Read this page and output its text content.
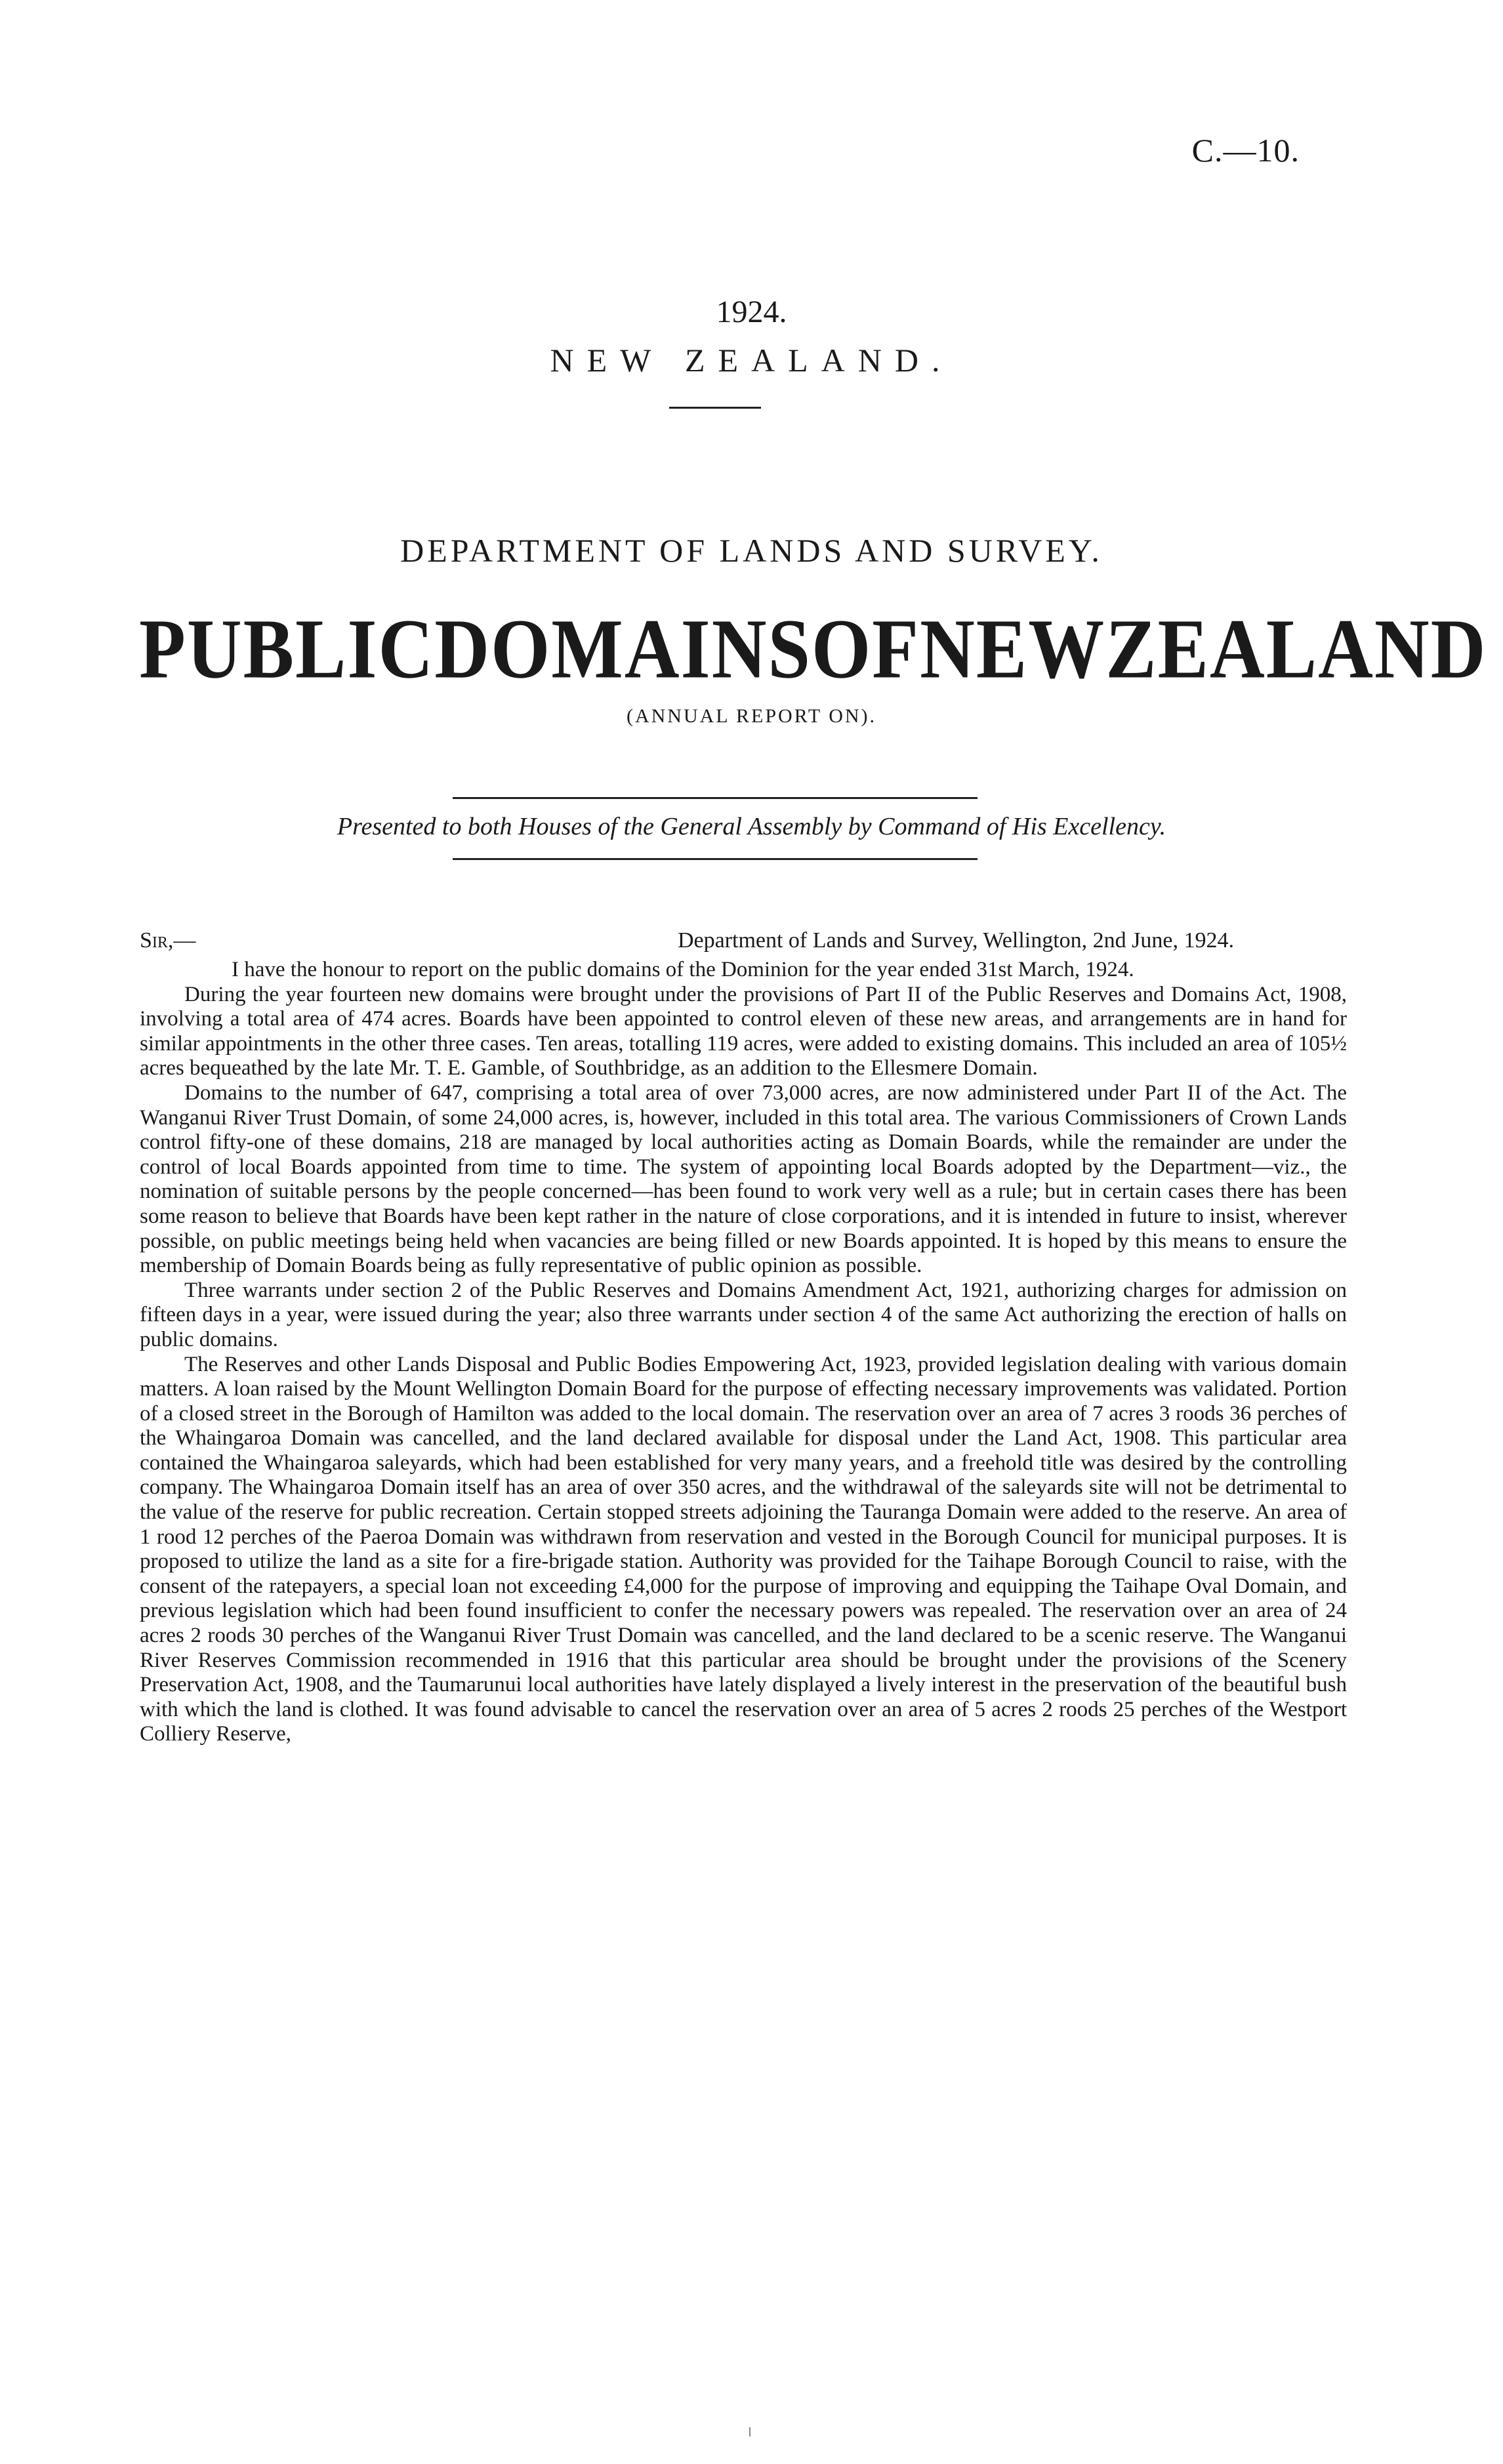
C.—10.
1924.
NEW ZEALAND.
DEPARTMENT OF LANDS AND SURVEY.
PUBLIC DOMAINS OF NEW ZEALAND
(ANNUAL REPORT ON).
Presented to both Houses of the General Assembly by Command of His Excellency.
Sir,—	Department of Lands and Survey, Wellington, 2nd June, 1924.

I have the honour to report on the public domains of the Dominion for the year ended 31st March, 1924.

During the year fourteen new domains were brought under the provisions of Part II of the Public Reserves and Domains Act, 1908, involving a total area of 474 acres. Boards have been appointed to control eleven of these new areas, and arrangements are in hand for similar appointments in the other three cases. Ten areas, totalling 119 acres, were added to existing domains. This included an area of 105½ acres bequeathed by the late Mr. T. E. Gamble, of Southbridge, as an addition to the Ellesmere Domain.

Domains to the number of 647, comprising a total area of over 73,000 acres, are now administered under Part II of the Act. The Wanganui River Trust Domain, of some 24,000 acres, is, however, included in this total area. The various Commissioners of Crown Lands control fifty-one of these domains, 218 are managed by local authorities acting as Domain Boards, while the remainder are under the control of local Boards appointed from time to time. The system of appointing local Boards adopted by the Department—viz., the nomination of suitable persons by the people concerned—has been found to work very well as a rule; but in certain cases there has been some reason to believe that Boards have been kept rather in the nature of close corporations, and it is intended in future to insist, wherever possible, on public meetings being held when vacancies are being filled or new Boards appointed. It is hoped by this means to ensure the membership of Domain Boards being as fully representative of public opinion as possible.

Three warrants under section 2 of the Public Reserves and Domains Amendment Act, 1921, authorizing charges for admission on fifteen days in a year, were issued during the year; also three warrants under section 4 of the same Act authorizing the erection of halls on public domains.

The Reserves and other Lands Disposal and Public Bodies Empowering Act, 1923, provided legislation dealing with various domain matters. A loan raised by the Mount Wellington Domain Board for the purpose of effecting necessary improvements was validated. Portion of a closed street in the Borough of Hamilton was added to the local domain. The reservation over an area of 7 acres 3 roods 36 perches of the Whaingaroa Domain was cancelled, and the land declared available for disposal under the Land Act, 1908. This particular area contained the Whaingaroa saleyards, which had been established for very many years, and a freehold title was desired by the controlling company. The Whaingaroa Domain itself has an area of over 350 acres, and the withdrawal of the saleyards site will not be detrimental to the value of the reserve for public recreation. Certain stopped streets adjoining the Tauranga Domain were added to the reserve. An area of 1 rood 12 perches of the Paeroa Domain was withdrawn from reservation and vested in the Borough Council for municipal purposes. It is proposed to utilize the land as a site for a fire-brigade station. Authority was provided for the Taihape Borough Council to raise, with the consent of the ratepayers, a special loan not exceeding £4,000 for the purpose of improving and equipping the Taihape Oval Domain, and previous legislation which had been found insufficient to confer the necessary powers was repealed. The reservation over an area of 24 acres 2 roods 30 perches of the Wanganui River Trust Domain was cancelled, and the land declared to be a scenic reserve. The Wanganui River Reserves Commission recommended in 1916 that this particular area should be brought under the provisions of the Scenery Preservation Act, 1908, and the Taumarunui local authorities have lately displayed a lively interest in the preservation of the beautiful bush with which the land is clothed. It was found advisable to cancel the reservation over an area of 5 acres 2 roods 25 perches of the Westport Colliery Reserve,
